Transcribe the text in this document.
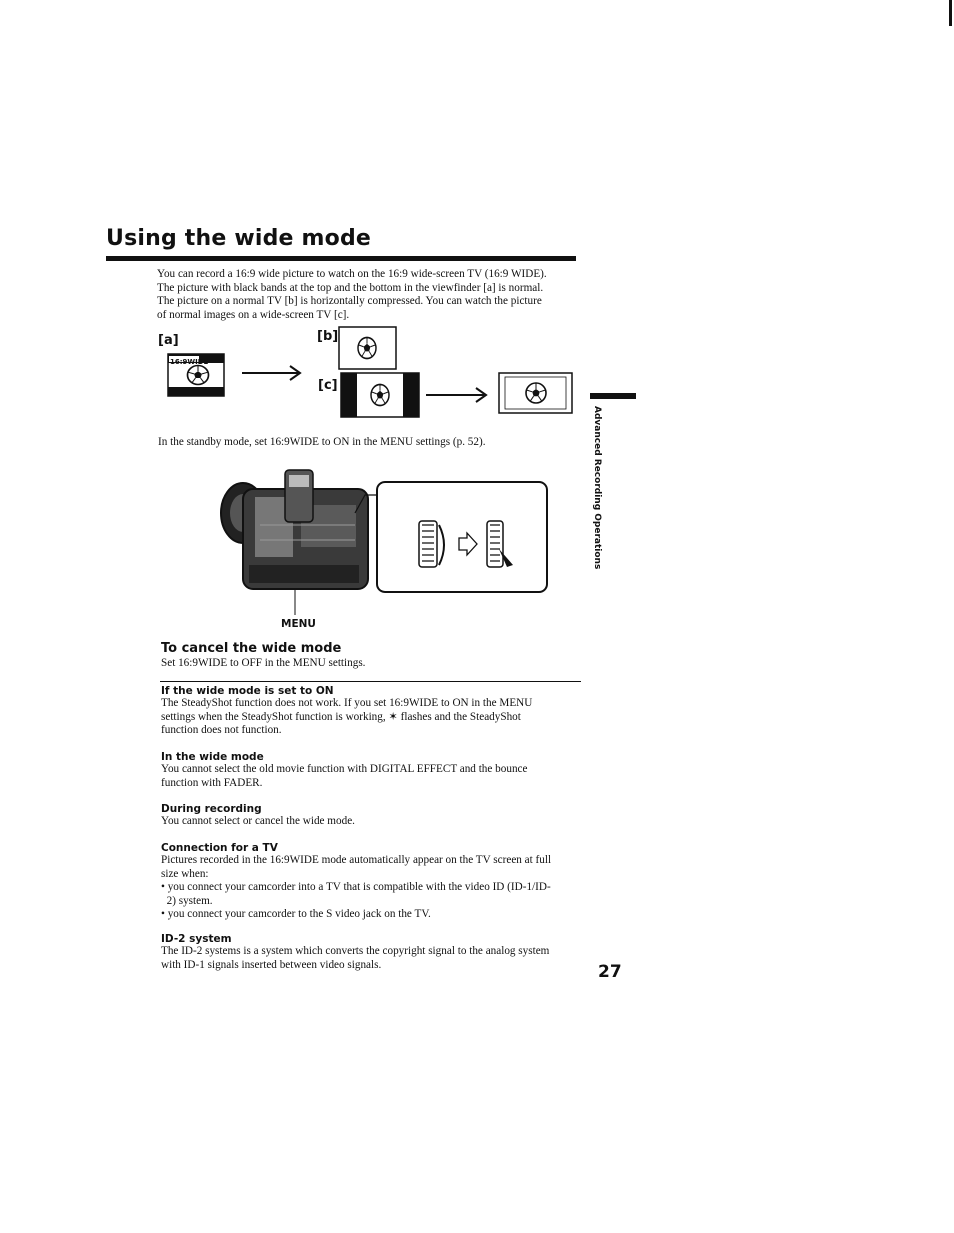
Using the wide mode
You can record a 16:9 wide picture to watch on the 16:9 wide-screen TV (16:9 WIDE).
The picture with black bands at the top and the bottom in the viewfinder [a] is normal.
The picture on a normal TV [b] is horizontally compressed. You can watch the picture
of normal images on a wide-screen TV [c].
[a]	[b]
[c]
16:9WIDE
In the standby mode, set 16:9WIDE to ON in the MENU settings (p. 52).
MENU
Advanced Recording Operations
To cancel the wide mode
Set 16:9WIDE to OFF in the MENU settings.
If the wide mode is set to ON
The SteadyShot function does not work. If you set 16:9WIDE to ON in the MENU
settings when the SteadyShot function is working, ✶ flashes and the SteadyShot
function does not function.
In the wide mode
You cannot select the old movie function with DIGITAL EFFECT and the bounce
function with FADER.
During recording
You cannot select or cancel the wide mode.
Connection for a TV
Pictures recorded in the 16:9WIDE mode automatically appear on the TV screen at full
size when:
• you connect your camcorder into a TV that is compatible with the video ID (ID-1/ID-
2) system.
• you connect your camcorder to the S video jack on the TV.
ID-2 system
The ID-2 systems is a system which converts the copyright signal to the analog system
with ID-1 signals inserted between video signals.	27
